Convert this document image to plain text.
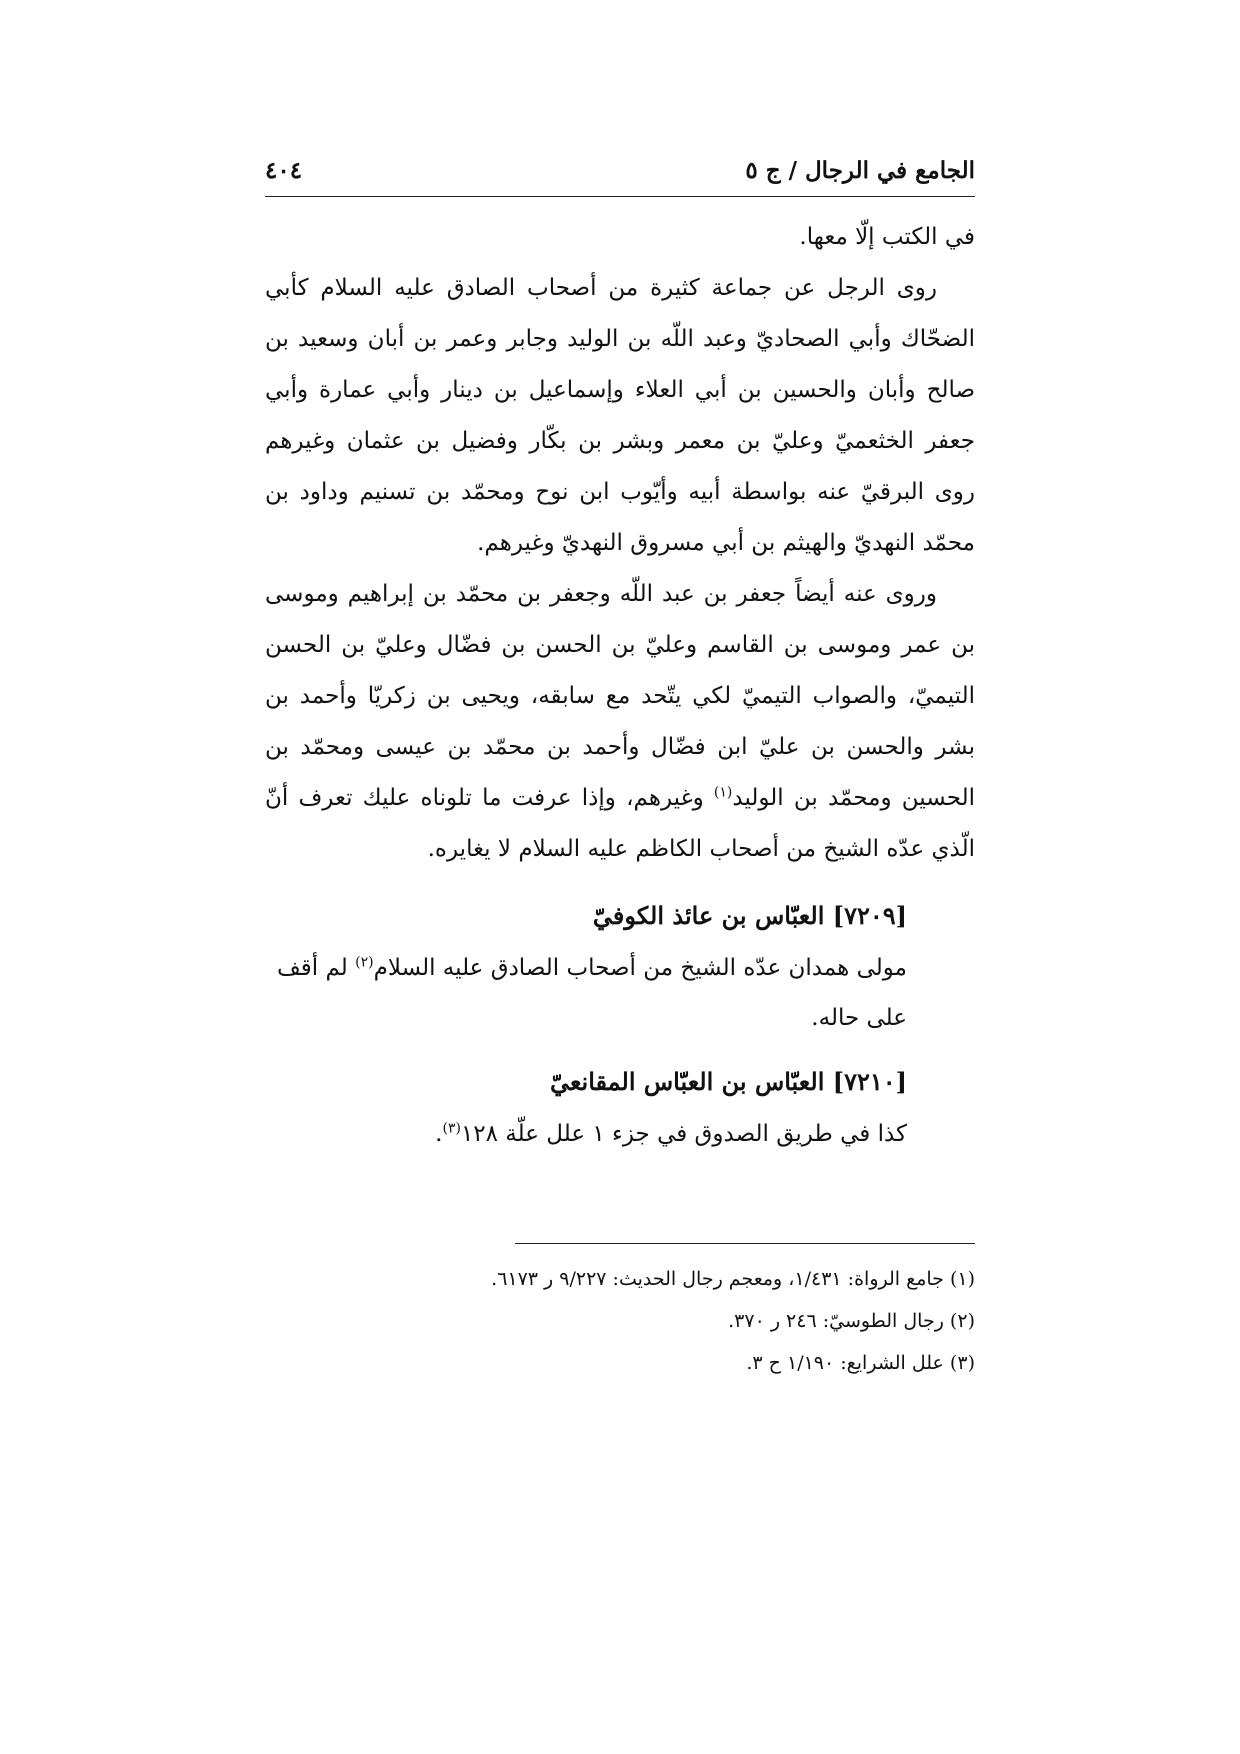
الجامع في الرجال / ج ٥
٤٠٤

في الكتب إلّا معها.

روى الرجل عن جماعة كثيرة من أصحاب الصادق عليه السلام كأبي الضحّاك وأبي الصحاديّ وعبد اللّه بن الوليد وجابر وعمر بن أبان وسعيد بن صالح وأبان والحسين بن أبي العلاء وإسماعيل بن دينار وأبي عمارة وأبي جعفر الخثعميّ وعليّ بن معمر وبشر بن بكّار وفضيل بن عثمان وغيرهم روى البرقيّ عنه بواسطة أبيه وأيّوب ابن نوح ومحمّد بن تسنيم وداود بن محمّد النهديّ والهيثم بن أبي مسروق النهديّ وغيرهم.

وروى عنه أيضاً جعفر بن عبد اللّه وجعفر بن محمّد بن إبراهيم وموسى بن عمر وموسى بن القاسم وعليّ بن الحسن بن فضّال وعليّ بن الحسن التيميّ، والصواب التيميّ لكي يتّحد مع سابقه، ويحيى بن زكريّا وأحمد بن بشر والحسن بن عليّ ابن فضّال وأحمد بن محمّد بن عيسى ومحمّد بن الحسين ومحمّد بن الوليد$^{(١)}$ وغيرهم، وإذا عرفت ما تلوناه عليك تعرف أنّ الّذي عدّه الشيخ من أصحاب الكاظم عليه السلام لا يغايره.

[٧٢٠٩] العبّاس بن عائذ الكوفيّ

مولى همدان عدّه الشيخ من أصحاب الصادق عليه السلام$^{(٢)}$ لم أقف على حاله.

[٧٢١٠] العبّاس بن العبّاس المقانعيّ

كذا في طريق الصدوق في جزء ١ علل علّة ١٢٨$^{(٣)}$.

(١) جامع الرواة: ١/٤٣١، ومعجم رجال الحديث: ٩/٢٢٧ ر ٦١٧٣.
(٢) رجال الطوسيّ: ٢٤٦ ر ٣٧٠.
(٣) علل الشرايع: ١/١٩٠ ح ٣.
